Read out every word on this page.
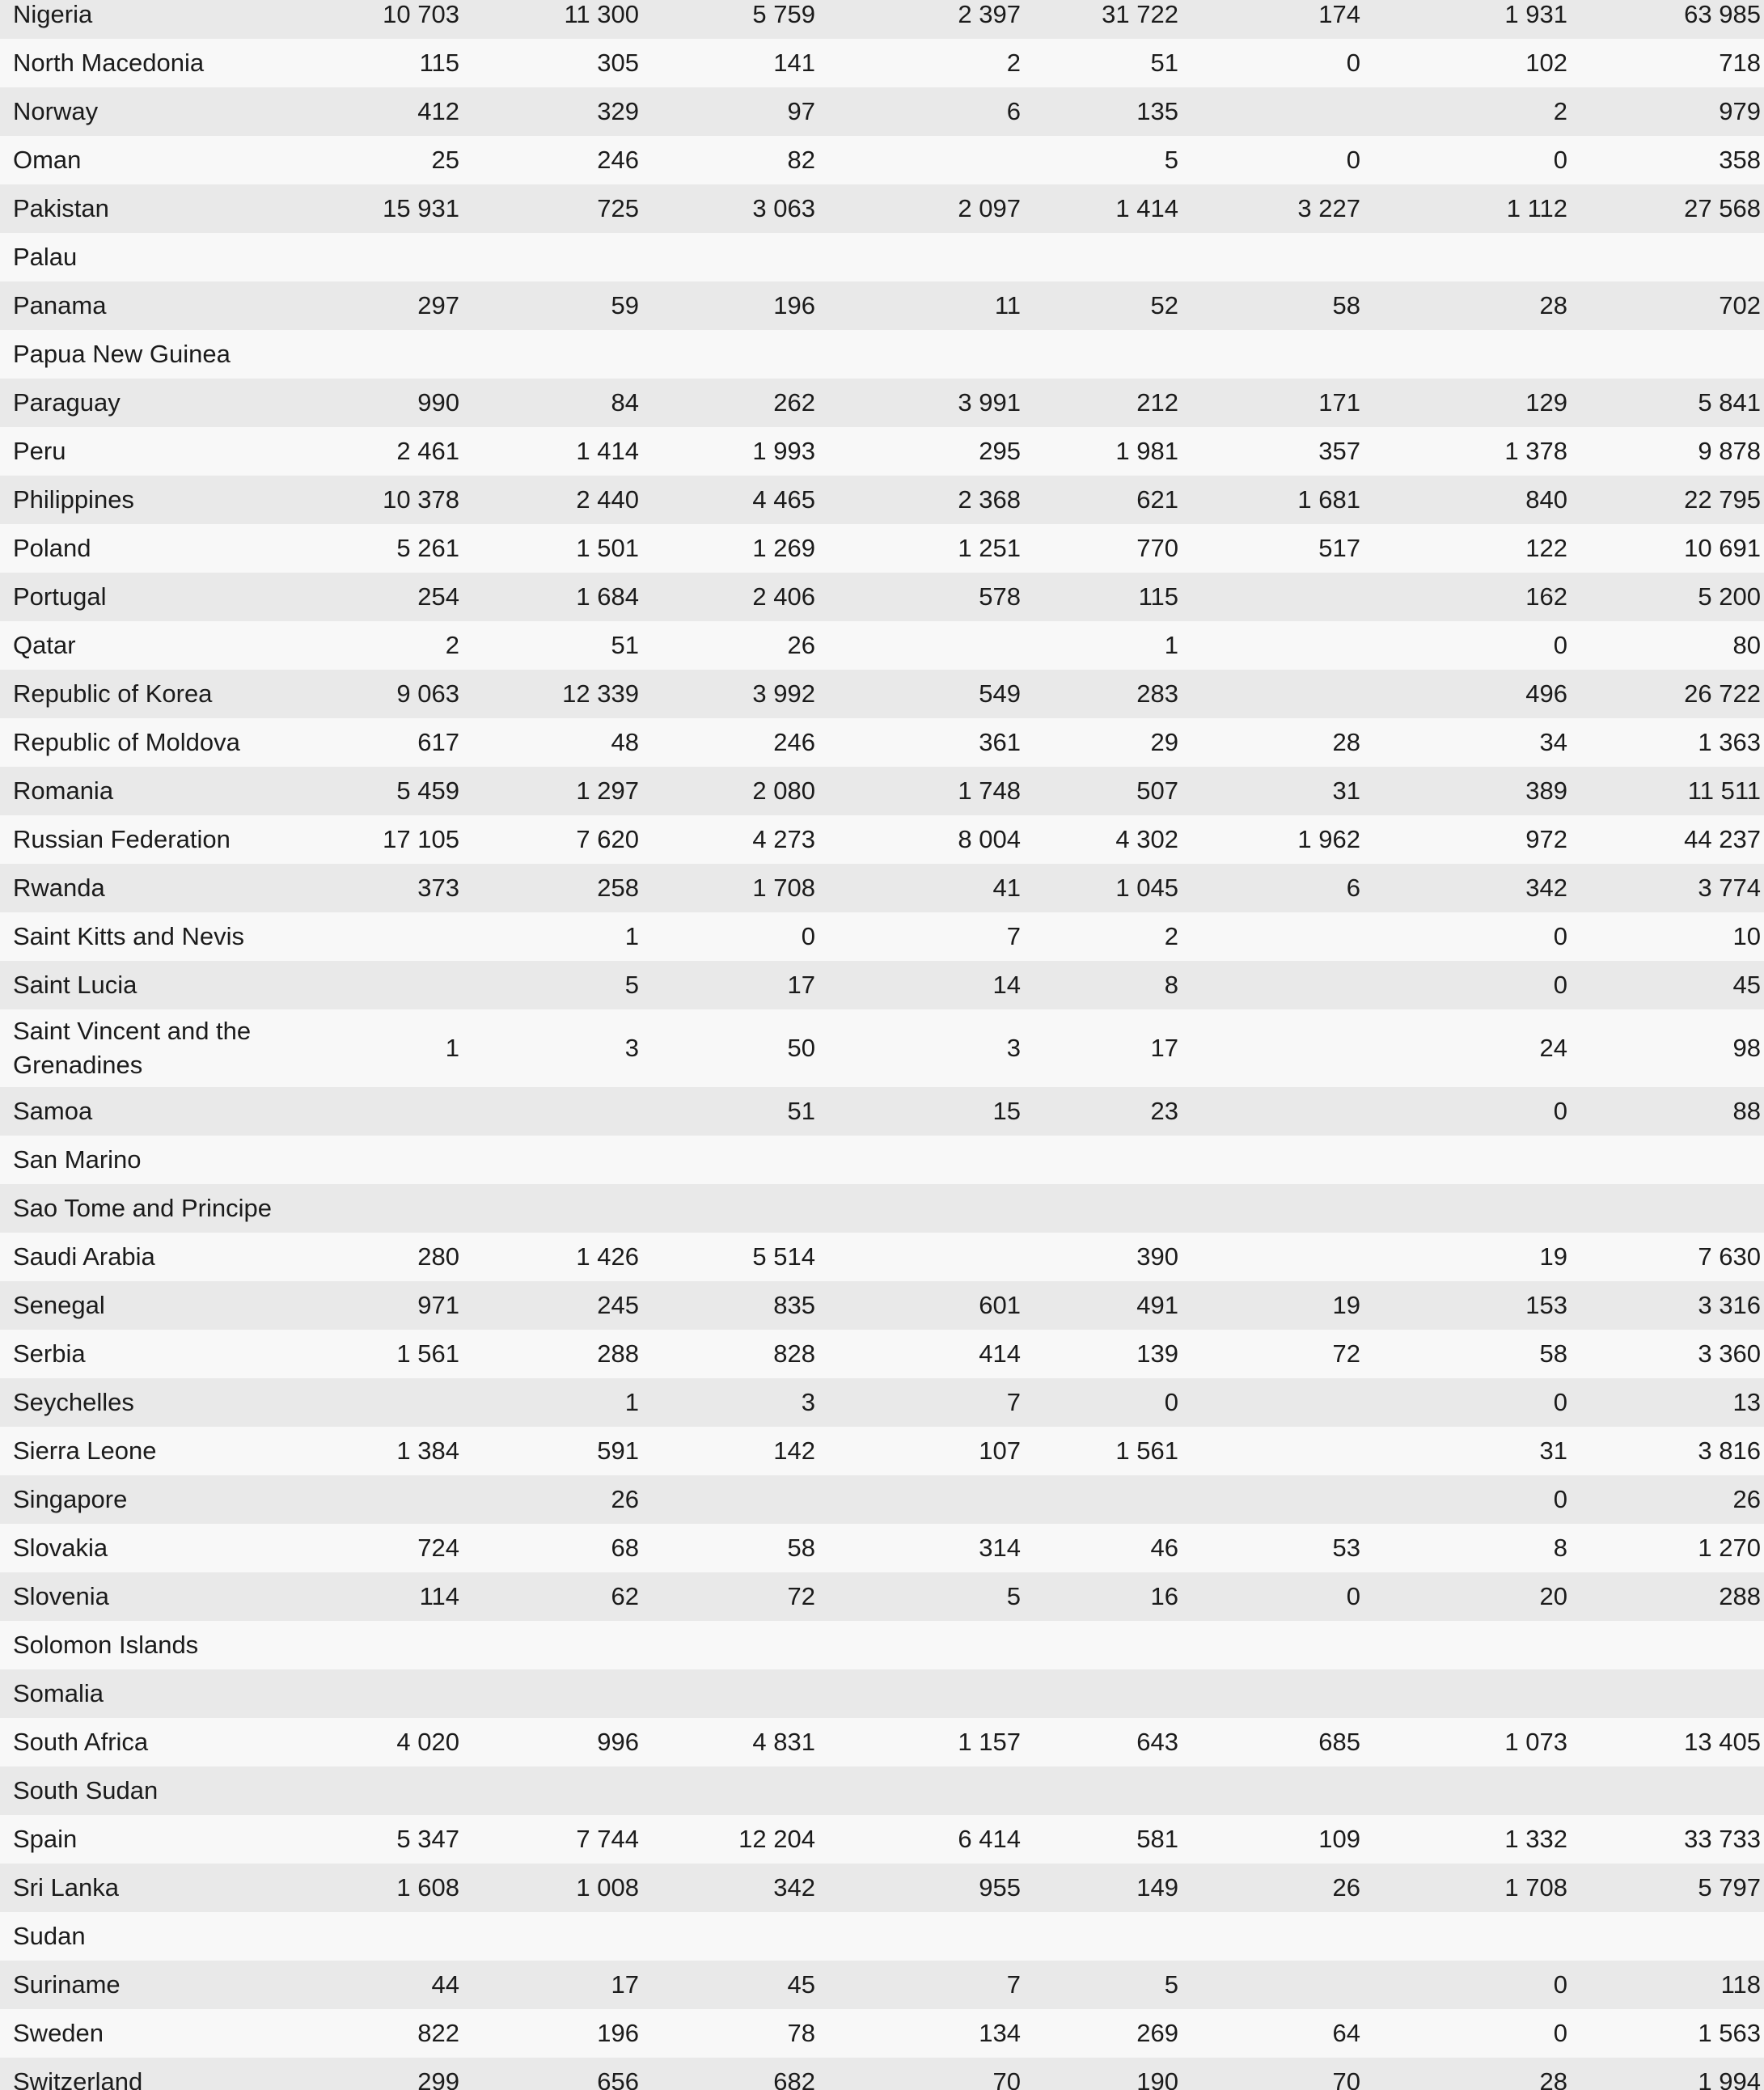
Nigeria	10 703	11 300	5 759	2 397	31 722	174	1 931	63 985
North Macedonia	115	305	141	2	51	0	102	718
Norway	412	329	97	6	135		2	979
Oman	25	246	82		5	0	0	358
Pakistan	15 931	725	3 063	2 097	1 414	3 227	1 112	27 568
Palau								
Panama	297	59	196	11	52	58	28	702
Papua New Guinea								
Paraguay	990	84	262	3 991	212	171	129	5 841
Peru	2 461	1 414	1 993	295	1 981	357	1 378	9 878
Philippines	10 378	2 440	4 465	2 368	621	1 681	840	22 795
Poland	5 261	1 501	1 269	1 251	770	517	122	10 691
Portugal	254	1 684	2 406	578	115		162	5 200
Qatar	2	51	26		1		0	80
Republic of Korea	9 063	12 339	3 992	549	283		496	26 722
Republic of Moldova	617	48	246	361	29	28	34	1 363
Romania	5 459	1 297	2 080	1 748	507	31	389	11 511
Russian Federation	17 105	7 620	4 273	8 004	4 302	1 962	972	44 237
Rwanda	373	258	1 708	41	1 045	6	342	3 774
Saint Kitts and Nevis		1	0	7	2		0	10
Saint Lucia		5	17	14	8		0	45
Saint Vincent and the Grenadines	1	3	50	3	17		24	98
Samoa			51	15	23		0	88
San Marino								
Sao Tome and Principe								
Saudi Arabia	280	1 426	5 514		390		19	7 630
Senegal	971	245	835	601	491	19	153	3 316
Serbia	1 561	288	828	414	139	72	58	3 360
Seychelles		1	3	7	0		0	13
Sierra Leone	1 384	591	142	107	1 561		31	3 816
Singapore		26					0	26
Slovakia	724	68	58	314	46	53	8	1 270
Slovenia	114	62	72	5	16	0	20	288
Solomon Islands								
Somalia								
South Africa	4 020	996	4 831	1 157	643	685	1 073	13 405
South Sudan								
Spain	5 347	7 744	12 204	6 414	581	109	1 332	33 733
Sri Lanka	1 608	1 008	342	955	149	26	1 708	5 797
Sudan								
Suriname	44	17	45	7	5		0	118
Sweden	822	196	78	134	269	64	0	1 563
Switzerland	299	656	682	70	190	70	28	1 994
